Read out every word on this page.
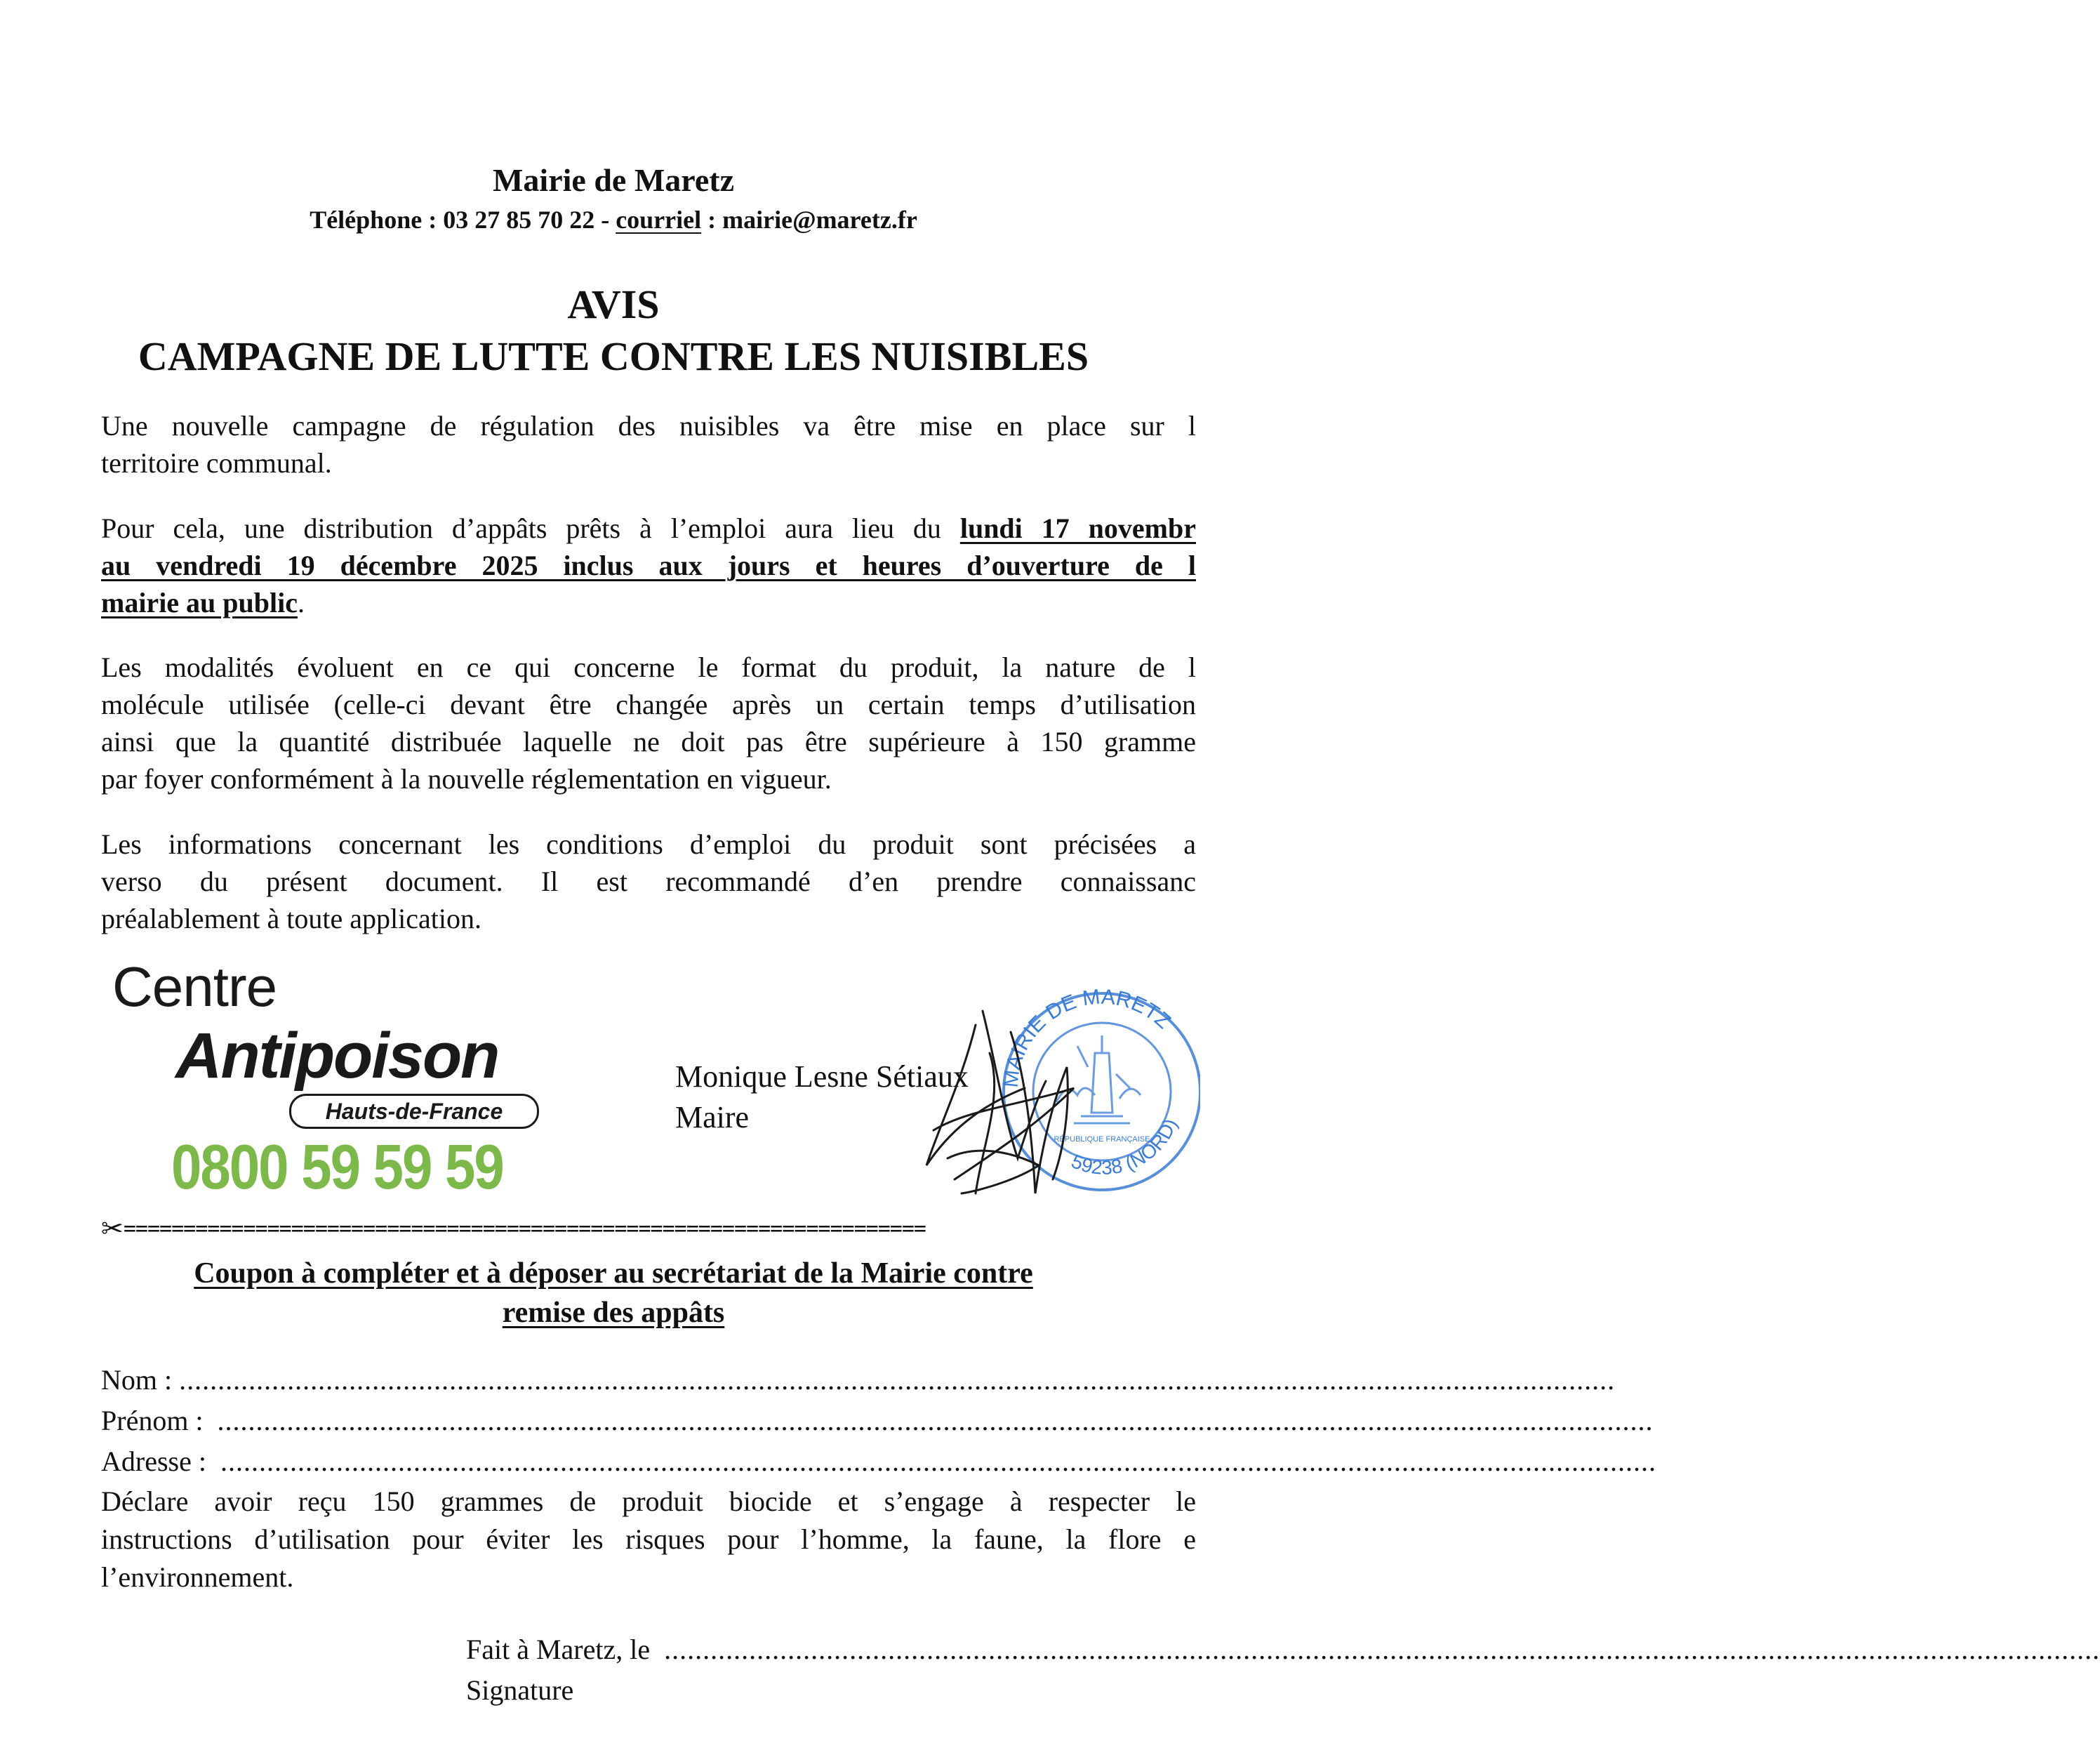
Mairie de Maretz
Téléphone : 03 27 85 70 22 - courriel : mairie@maretz.fr
AVIS
CAMPAGNE DE LUTTE CONTRE LES NUISIBLES
Une nouvelle campagne de régulation des nuisibles va être mise en place sur l
territoire communal.
Pour cela, une distribution d’appâts prêts à l’emploi aura lieu du lundi 17 novembr
au vendredi 19 décembre 2025 inclus aux jours et heures d’ouverture de l
mairie au public.
Les modalités évoluent en ce qui concerne le format du produit, la nature de l
molécule utilisée (celle-ci devant être changée après un certain temps d’utilisation
ainsi que la quantité distribuée laquelle ne doit pas être supérieure à 150 gramme
par foyer conformément à la nouvelle réglementation en vigueur.
Les informations concernant les conditions d’emploi du produit sont précisées a
verso du présent document. Il est recommandé d’en prendre connaissanc
préalablement à toute application.
Centre
Antipoison
Hauts-de-France
0800 59 59 59
Monique Lesne Sétiaux
Maire
MAIRIE DE MARETZ
59238 (NORD)
RÉPUBLIQUE FRANÇAISE
✂===================================================================
Coupon à compléter et à déposer au secrétariat de la Mairie contre
remise des appâts
Nom : ..........................................................................................................................................................................................
Prénom : ..........................................................................................................................................................................................
Adresse : ..........................................................................................................................................................................................
Déclare avoir reçu 150 grammes de produit biocide et s’engage à respecter le
instructions d’utilisation pour éviter les risques pour l’homme, la faune, la flore e
l’environnement.
Fait à Maretz, le ..........................................................................................................................................................................................
Signature
